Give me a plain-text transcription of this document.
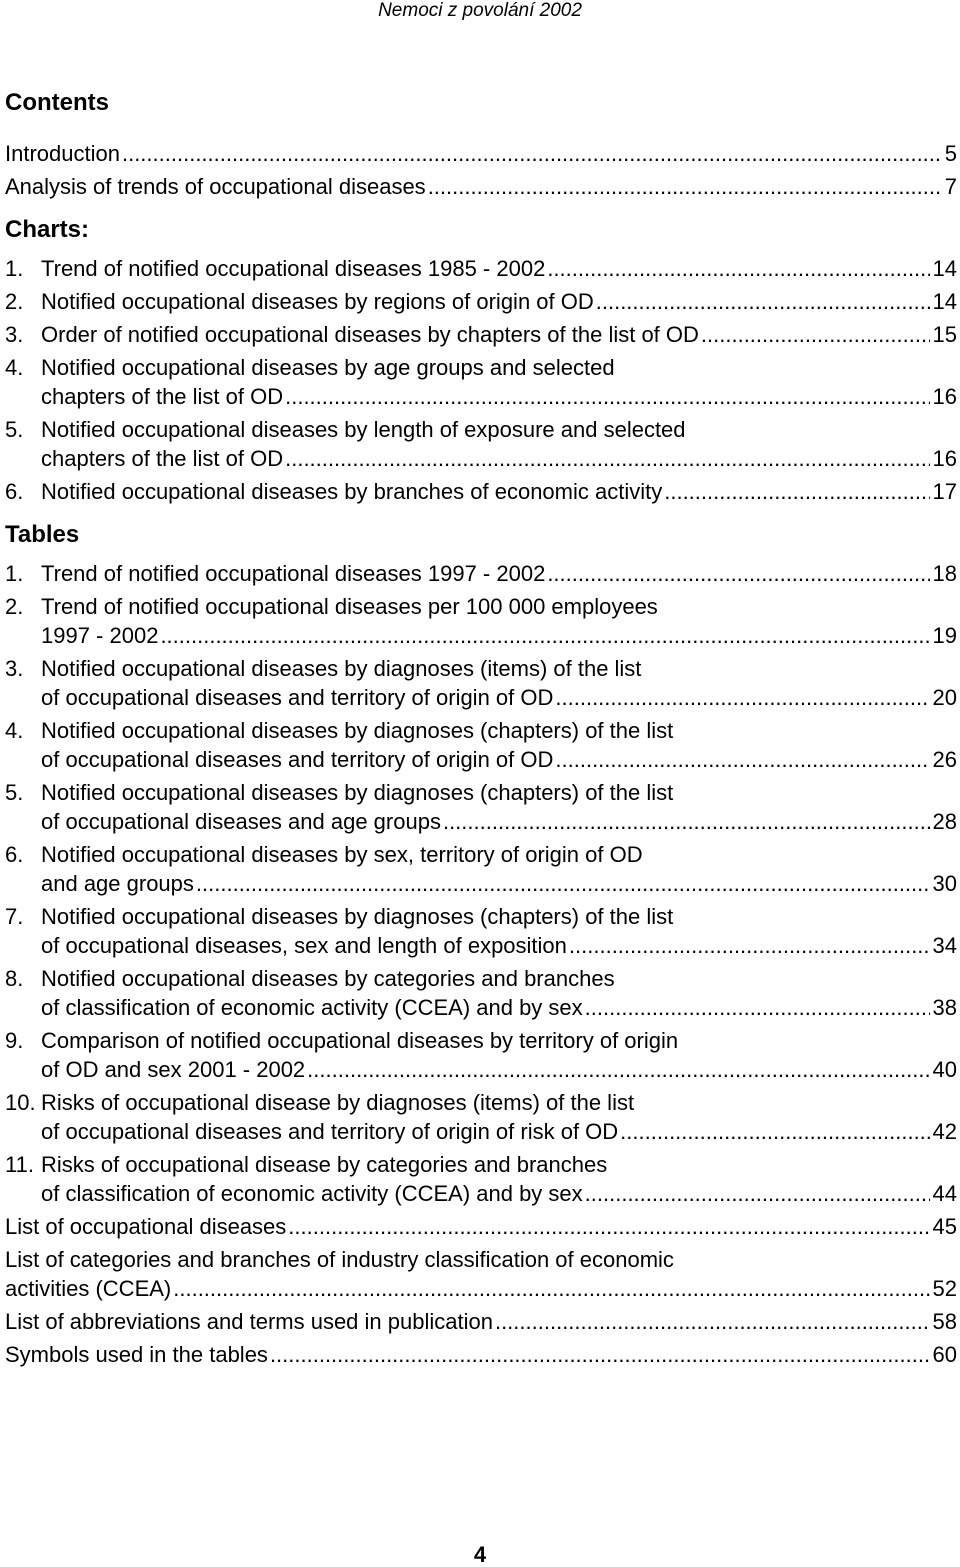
Nemoci z povolání 2002
Contents
Introduction .....	5
Analysis of trends of occupational diseases .....	7
Charts:
1. Trend of notified occupational diseases 1985 - 2002 .....	14
2. Notified occupational diseases by regions of origin of OD .....	14
3. Order of notified occupational diseases by chapters of the list of OD .....	15
4. Notified occupational diseases by age groups and selected
chapters of the list of OD .....	16
5. Notified occupational diseases by length of exposure and selected
chapters of the list of OD .....	16
6. Notified occupational diseases by branches of economic activity .....	17
Tables
1. Trend of notified occupational diseases 1997 - 2002 .....	18
2. Trend of notified occupational diseases per 100 000 employees
1997 - 2002 .....	19
3. Notified occupational diseases by diagnoses (items) of the list
of occupational diseases and territory of origin of OD .....	20
4. Notified occupational diseases by diagnoses (chapters) of the list
of occupational diseases and territory of origin of OD .....	26
5. Notified occupational diseases by diagnoses (chapters) of the list
of occupational diseases and age groups .....	28
6. Notified occupational diseases by sex, territory of origin of OD
and age groups .....	30
7. Notified occupational diseases by diagnoses (chapters) of the list
of occupational diseases, sex and length of exposition .....	34
8. Notified occupational diseases by categories and branches
of classification of economic activity (CCEA) and by sex .....	38
9. Comparison of notified occupational diseases by territory of origin
of OD and sex 2001 - 2002 .....	40
10. Risks of occupational disease by diagnoses (items) of the list
of occupational diseases and territory of origin of risk of OD .....	42
11. Risks of occupational disease by categories and branches
of classification of economic activity (CCEA) and by sex .....	44
List of occupational diseases .....	45
List of categories and branches of industry classification of economic
activities (CCEA) .....	52
List of abbreviations and terms used in publication .....	58
Symbols used in the tables .....	60
4
